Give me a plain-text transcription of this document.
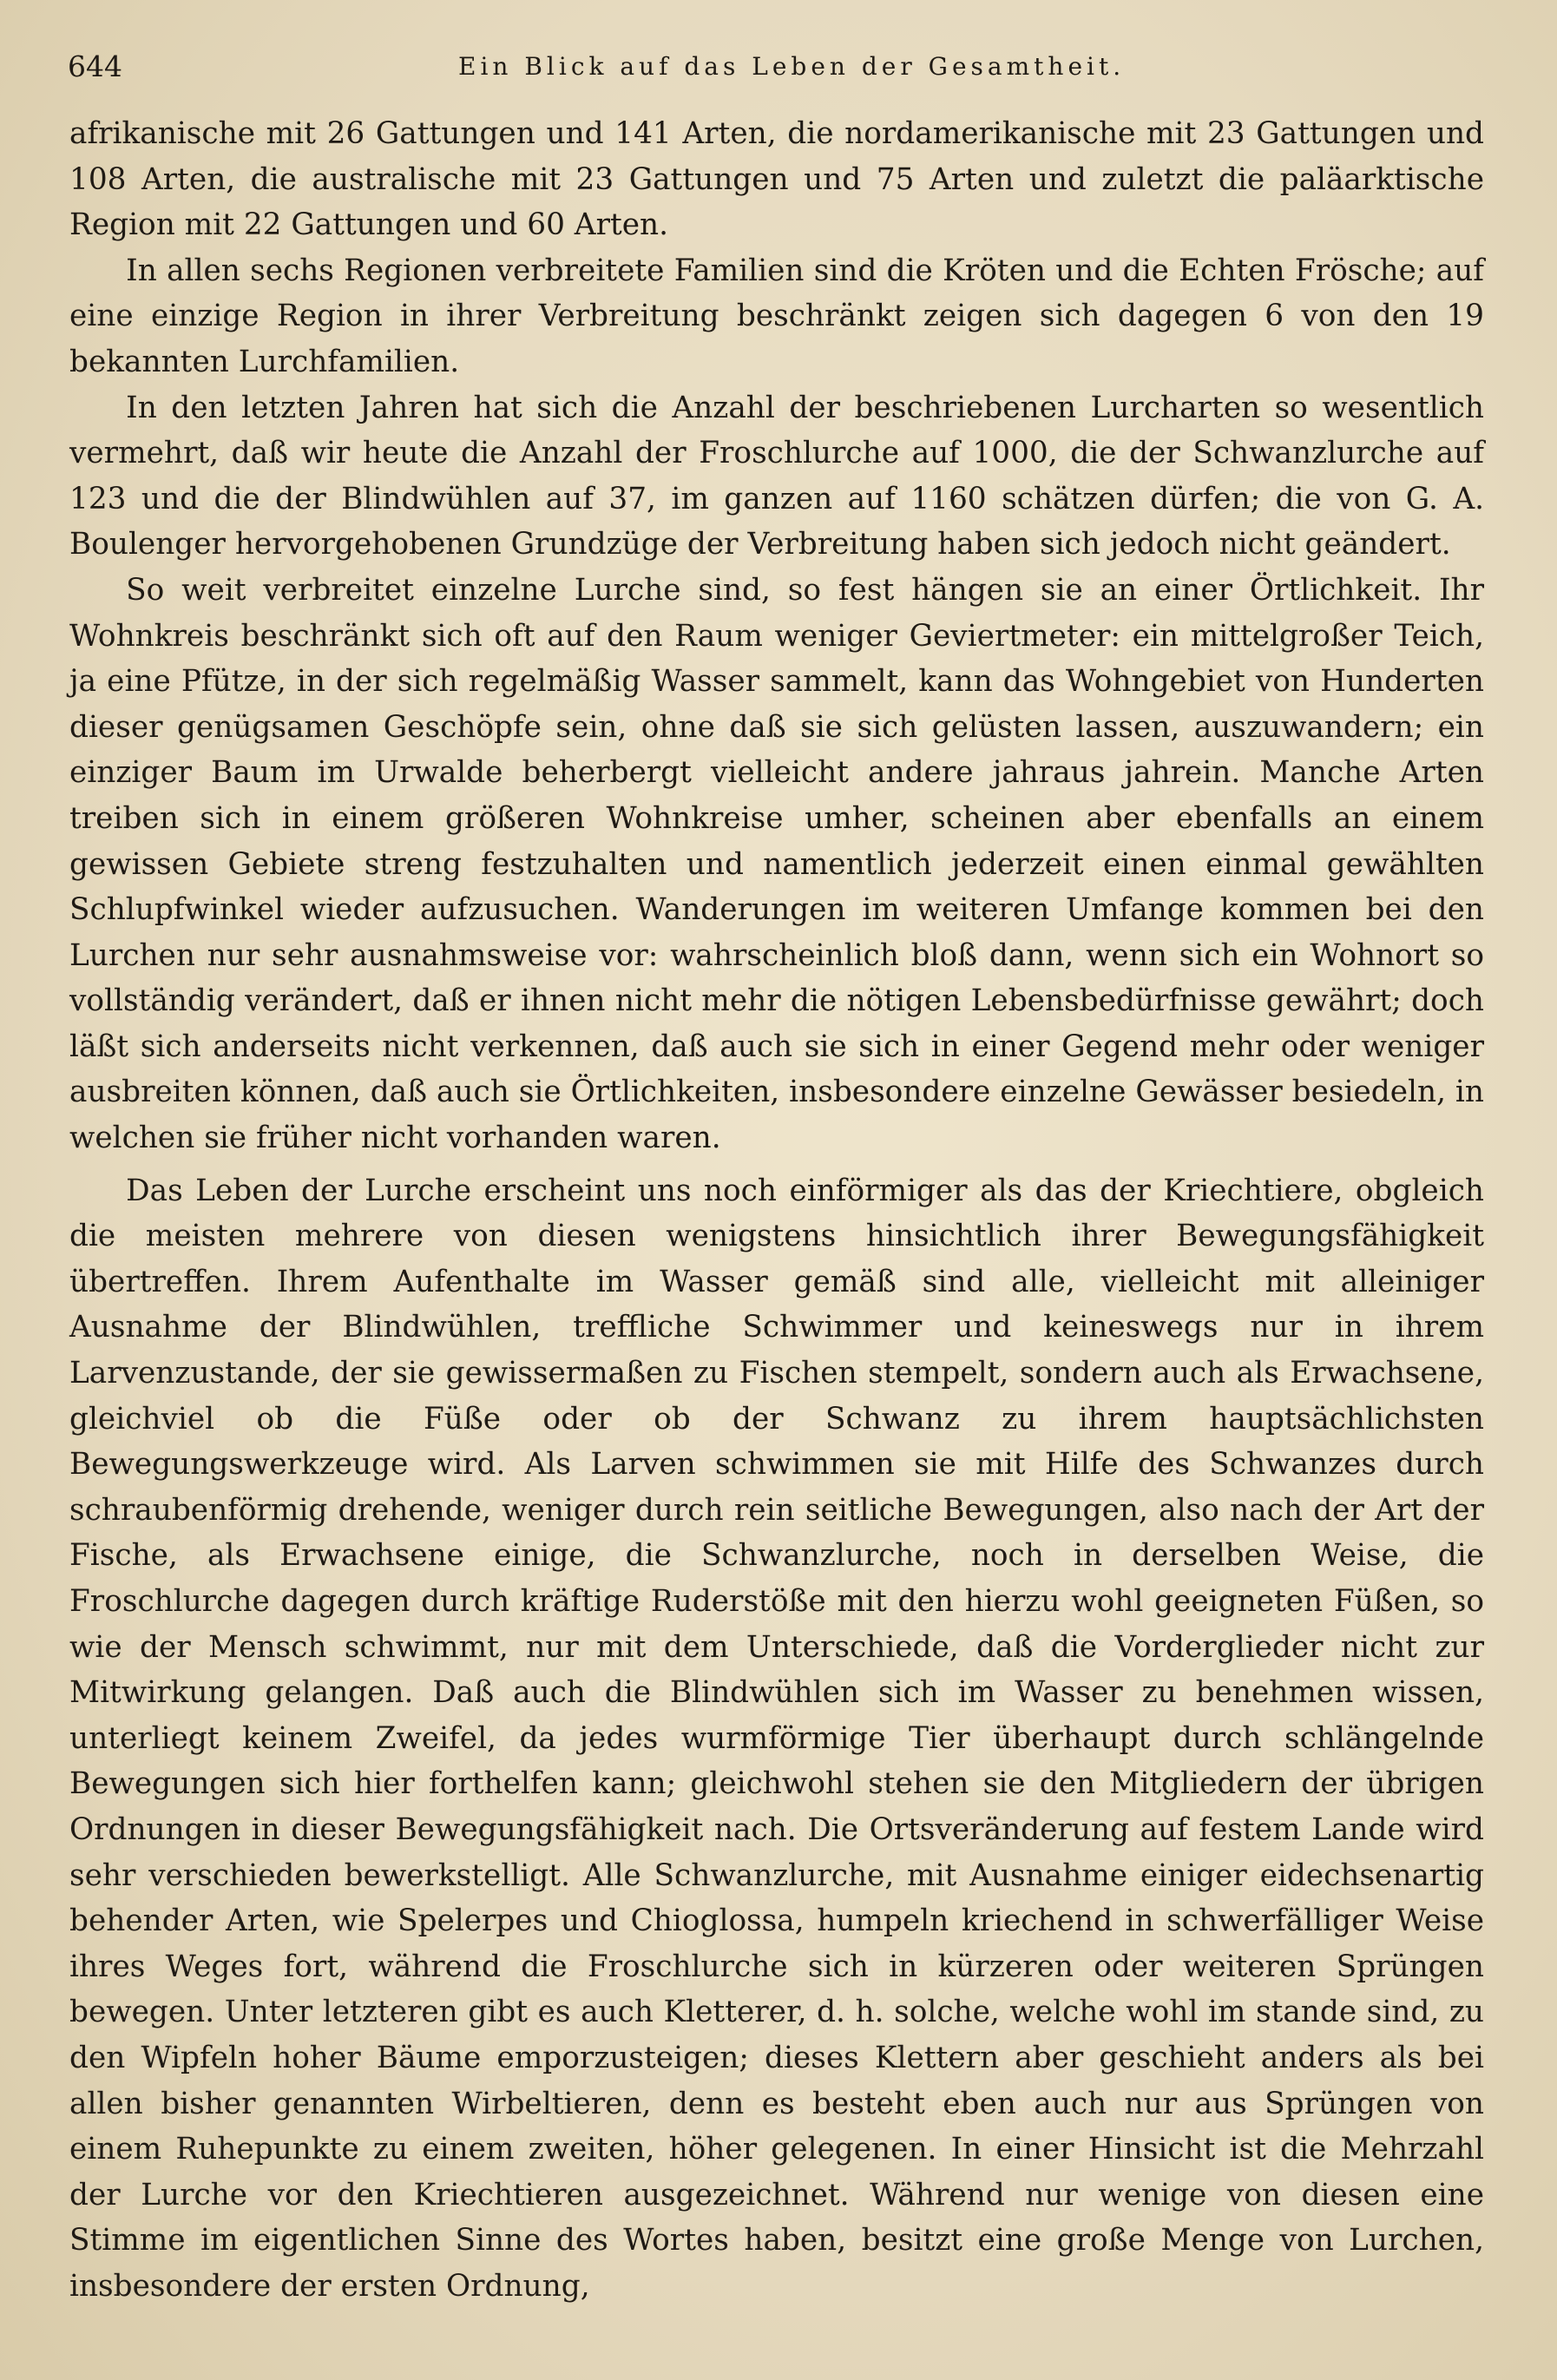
644	Ein Blick auf das Leben der Gesamtheit.

afrikanische mit 26 Gattungen und 141 Arten, die nordamerikanische mit 23 Gattungen und 108 Arten, die australische mit 23 Gattungen und 75 Arten und zuletzt die paläarktische Region mit 22 Gattungen und 60 Arten.

In allen sechs Regionen verbreitete Familien sind die Kröten und die Echten Frösche; auf eine einzige Region in ihrer Verbreitung beschränkt zeigen sich dagegen 6 von den 19 bekannten Lurchfamilien.

In den letzten Jahren hat sich die Anzahl der beschriebenen Lurcharten so wesentlich vermehrt, daß wir heute die Anzahl der Froschlurche auf 1000, die der Schwanzlurche auf 123 und die der Blindwühlen auf 37, im ganzen auf 1160 schätzen dürfen; die von G. A. Boulenger hervorgehobenen Grundzüge der Verbreitung haben sich jedoch nicht geändert.

So weit verbreitet einzelne Lurche sind, so fest hängen sie an einer Örtlichkeit. Ihr Wohnkreis beschränkt sich oft auf den Raum weniger Geviertmeter: ein mittelgroßer Teich, ja eine Pfütze, in der sich regelmäßig Wasser sammelt, kann das Wohngebiet von Hunderten dieser genügsamen Geschöpfe sein, ohne daß sie sich gelüsten lassen, auszuwandern; ein einziger Baum im Urwalde beherbergt vielleicht andere jahraus jahrein. Manche Arten treiben sich in einem größeren Wohnkreise umher, scheinen aber ebenfalls an einem gewissen Gebiete streng festzuhalten und namentlich jederzeit einen einmal gewählten Schlupfwinkel wieder aufzusuchen. Wanderungen im weiteren Umfange kommen bei den Lurchen nur sehr ausnahmsweise vor: wahrscheinlich bloß dann, wenn sich ein Wohnort so vollständig verändert, daß er ihnen nicht mehr die nötigen Lebensbedürfnisse gewährt; doch läßt sich anderseits nicht verkennen, daß auch sie sich in einer Gegend mehr oder weniger ausbreiten können, daß auch sie Örtlichkeiten, insbesondere einzelne Gewässer besiedeln, in welchen sie früher nicht vorhanden waren.

Das Leben der Lurche erscheint uns noch einförmiger als das der Kriechtiere, obgleich die meisten mehrere von diesen wenigstens hinsichtlich ihrer Bewegungsfähigkeit übertreffen. Ihrem Aufenthalte im Wasser gemäß sind alle, vielleicht mit alleiniger Ausnahme der Blindwühlen, treffliche Schwimmer und keineswegs nur in ihrem Larvenzustande, der sie gewissermaßen zu Fischen stempelt, sondern auch als Erwachsene, gleichviel ob die Füße oder ob der Schwanz zu ihrem hauptsächlichsten Bewegungswerkzeuge wird. Als Larven schwimmen sie mit Hilfe des Schwanzes durch schraubenförmig drehende, weniger durch rein seitliche Bewegungen, also nach der Art der Fische, als Erwachsene einige, die Schwanzlurche, noch in derselben Weise, die Froschlurche dagegen durch kräftige Ruderstöße mit den hierzu wohl geeigneten Füßen, so wie der Mensch schwimmt, nur mit dem Unterschiede, daß die Vorderglieder nicht zur Mitwirkung gelangen. Daß auch die Blindwühlen sich im Wasser zu benehmen wissen, unterliegt keinem Zweifel, da jedes wurmförmige Tier überhaupt durch schlängelnde Bewegungen sich hier forthelfen kann; gleichwohl stehen sie den Mitgliedern der übrigen Ordnungen in dieser Bewegungsfähigkeit nach. Die Ortsveränderung auf festem Lande wird sehr verschieden bewerkstelligt. Alle Schwanzlurche, mit Ausnahme einiger eidechsenartig behender Arten, wie Spelerpes und Chioglossa, humpeln kriechend in schwerfälliger Weise ihres Weges fort, während die Froschlurche sich in kürzeren oder weiteren Sprüngen bewegen. Unter letzteren gibt es auch Kletterer, d. h. solche, welche wohl im stande sind, zu den Wipfeln hoher Bäume emporzusteigen; dieses Klettern aber geschieht anders als bei allen bisher genannten Wirbeltieren, denn es besteht eben auch nur aus Sprüngen von einem Ruhepunkte zu einem zweiten, höher gelegenen. In einer Hinsicht ist die Mehrzahl der Lurche vor den Kriechtieren ausgezeichnet. Während nur wenige von diesen eine Stimme im eigentlichen Sinne des Wortes haben, besitzt eine große Menge von Lurchen, insbesondere der ersten Ordnung,
